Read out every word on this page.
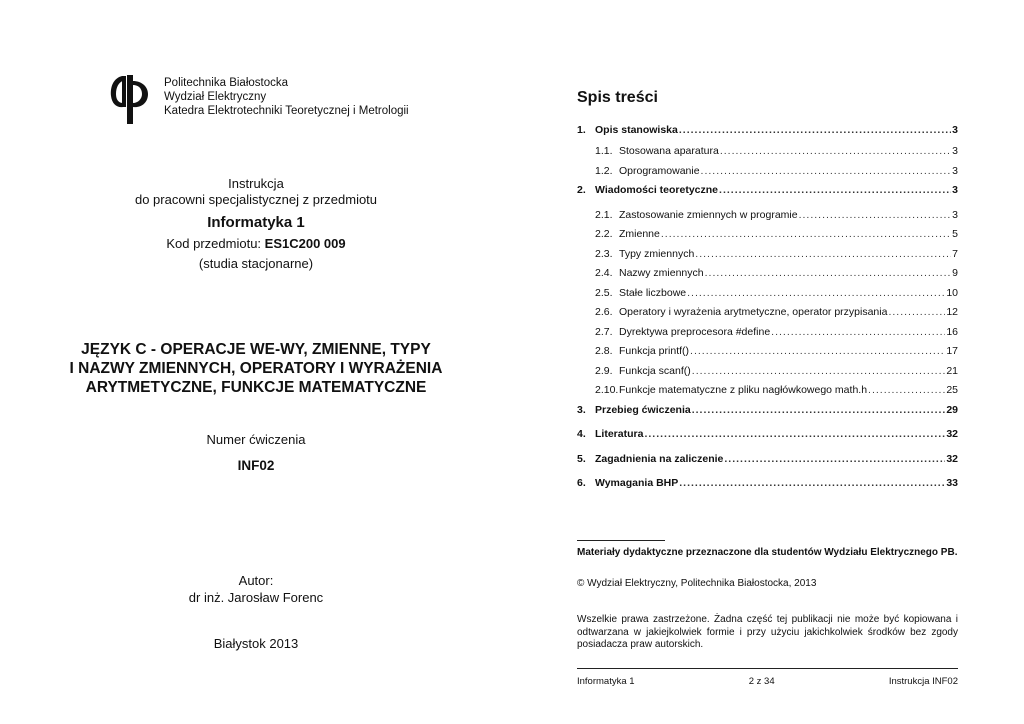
Politechnika Białostocka
Wydział Elektryczny
Katedra Elektrotechniki Teoretycznej i Metrologii
Instrukcja
do pracowni specjalistycznej z przedmiotu
Informatyka 1
Kod przedmiotu: ES1C200 009
(studia stacjonarne)
JĘZYK C - OPERACJE WE-WY, ZMIENNE, TYPY
I NAZWY ZMIENNYCH, OPERATORY I WYRAŻENIA
ARYTMETYCZNE, FUNKCJE MATEMATYCZNE
Numer ćwiczenia
INF02
Autor:
dr inż. Jarosław Forenc
Białystok 2013
Spis treści
1. Opis stanowiska .....	3
1.1. Stosowana aparatura .....	3
1.2. Oprogramowanie .....	3
2. Wiadomości teoretyczne .....	3
2.1. Zastosowanie zmiennych w programie .....	3
2.2. Zmienne .....	5
2.3. Typy zmiennych .....	7
2.4. Nazwy zmiennych .....	9
2.5. Stałe liczbowe .....	10
2.6. Operatory i wyrażenia arytmetyczne, operator przypisania .....	12
2.7. Dyrektywa preprocesora #define .....	16
2.8. Funkcja printf() .....	17
2.9. Funkcja scanf() .....	21
2.10. Funkcje matematyczne z pliku nagłówkowego math.h .....	25
3. Przebieg ćwiczenia .....	29
4. Literatura .....	32
5. Zagadnienia na zaliczenie .....	32
6. Wymagania BHP .....	33
Materiały dydaktyczne przeznaczone dla studentów Wydziału Elektrycznego PB.
© Wydział Elektryczny, Politechnika Białostocka, 2013
Wszelkie prawa zastrzeżone. Żadna część tej publikacji nie może być kopiowana i odtwarzana w jakiejkolwiek formie i przy użyciu jakichkolwiek środków bez zgody posiadacza praw autorskich.
Informatyka 1	2 z 34	Instrukcja INF02
